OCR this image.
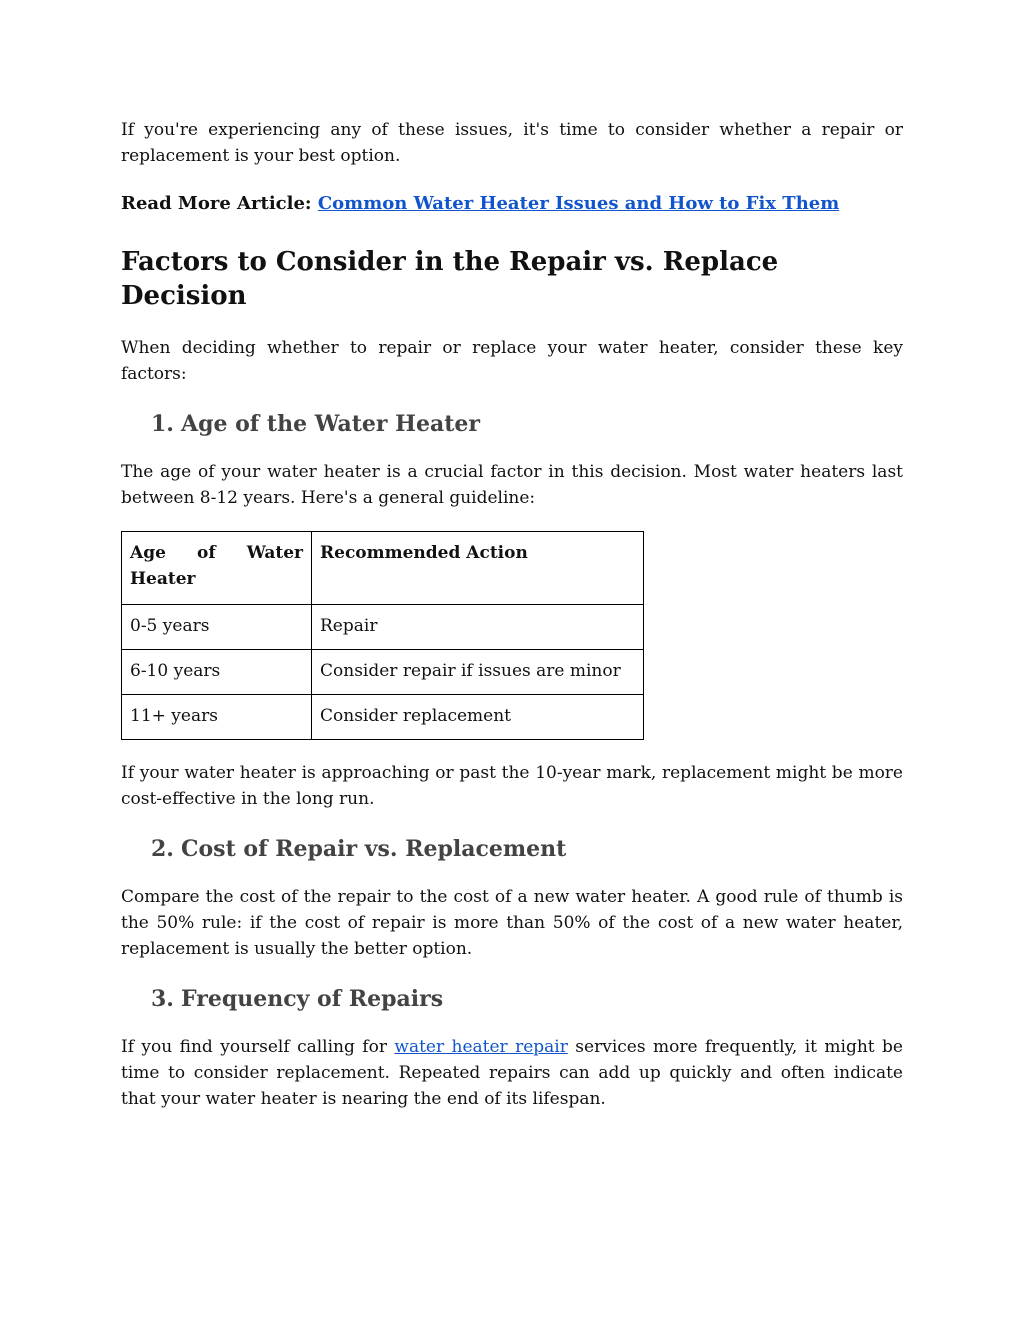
If you're experiencing any of these issues, it's time to consider whether a repair or replacement is your best option.

Read More Article: Common Water Heater Issues and How to Fix Them
Factors to Consider in the Repair vs. Replace Decision

When deciding whether to repair or replace your water heater, consider these key factors:

1. Age of the Water Heater

The age of your water heater is a crucial factor in this decision. Most water heaters last between 8-12 years. Here's a general guideline:

Age of Water Heater	Recommended Action
0-5 years	Repair
6-10 years	Consider repair if issues are minor
11+ years	Consider replacement

If your water heater is approaching or past the 10-year mark, replacement might be more cost-effective in the long run.

2. Cost of Repair vs. Replacement

Compare the cost of the repair to the cost of a new water heater. A good rule of thumb is the 50% rule: if the cost of repair is more than 50% of the cost of a new water heater, replacement is usually the better option.

3. Frequency of Repairs

If you find yourself calling for water heater repair services more frequently, it might be time to consider replacement. Repeated repairs can add up quickly and often indicate that your water heater is nearing the end of its lifespan.
